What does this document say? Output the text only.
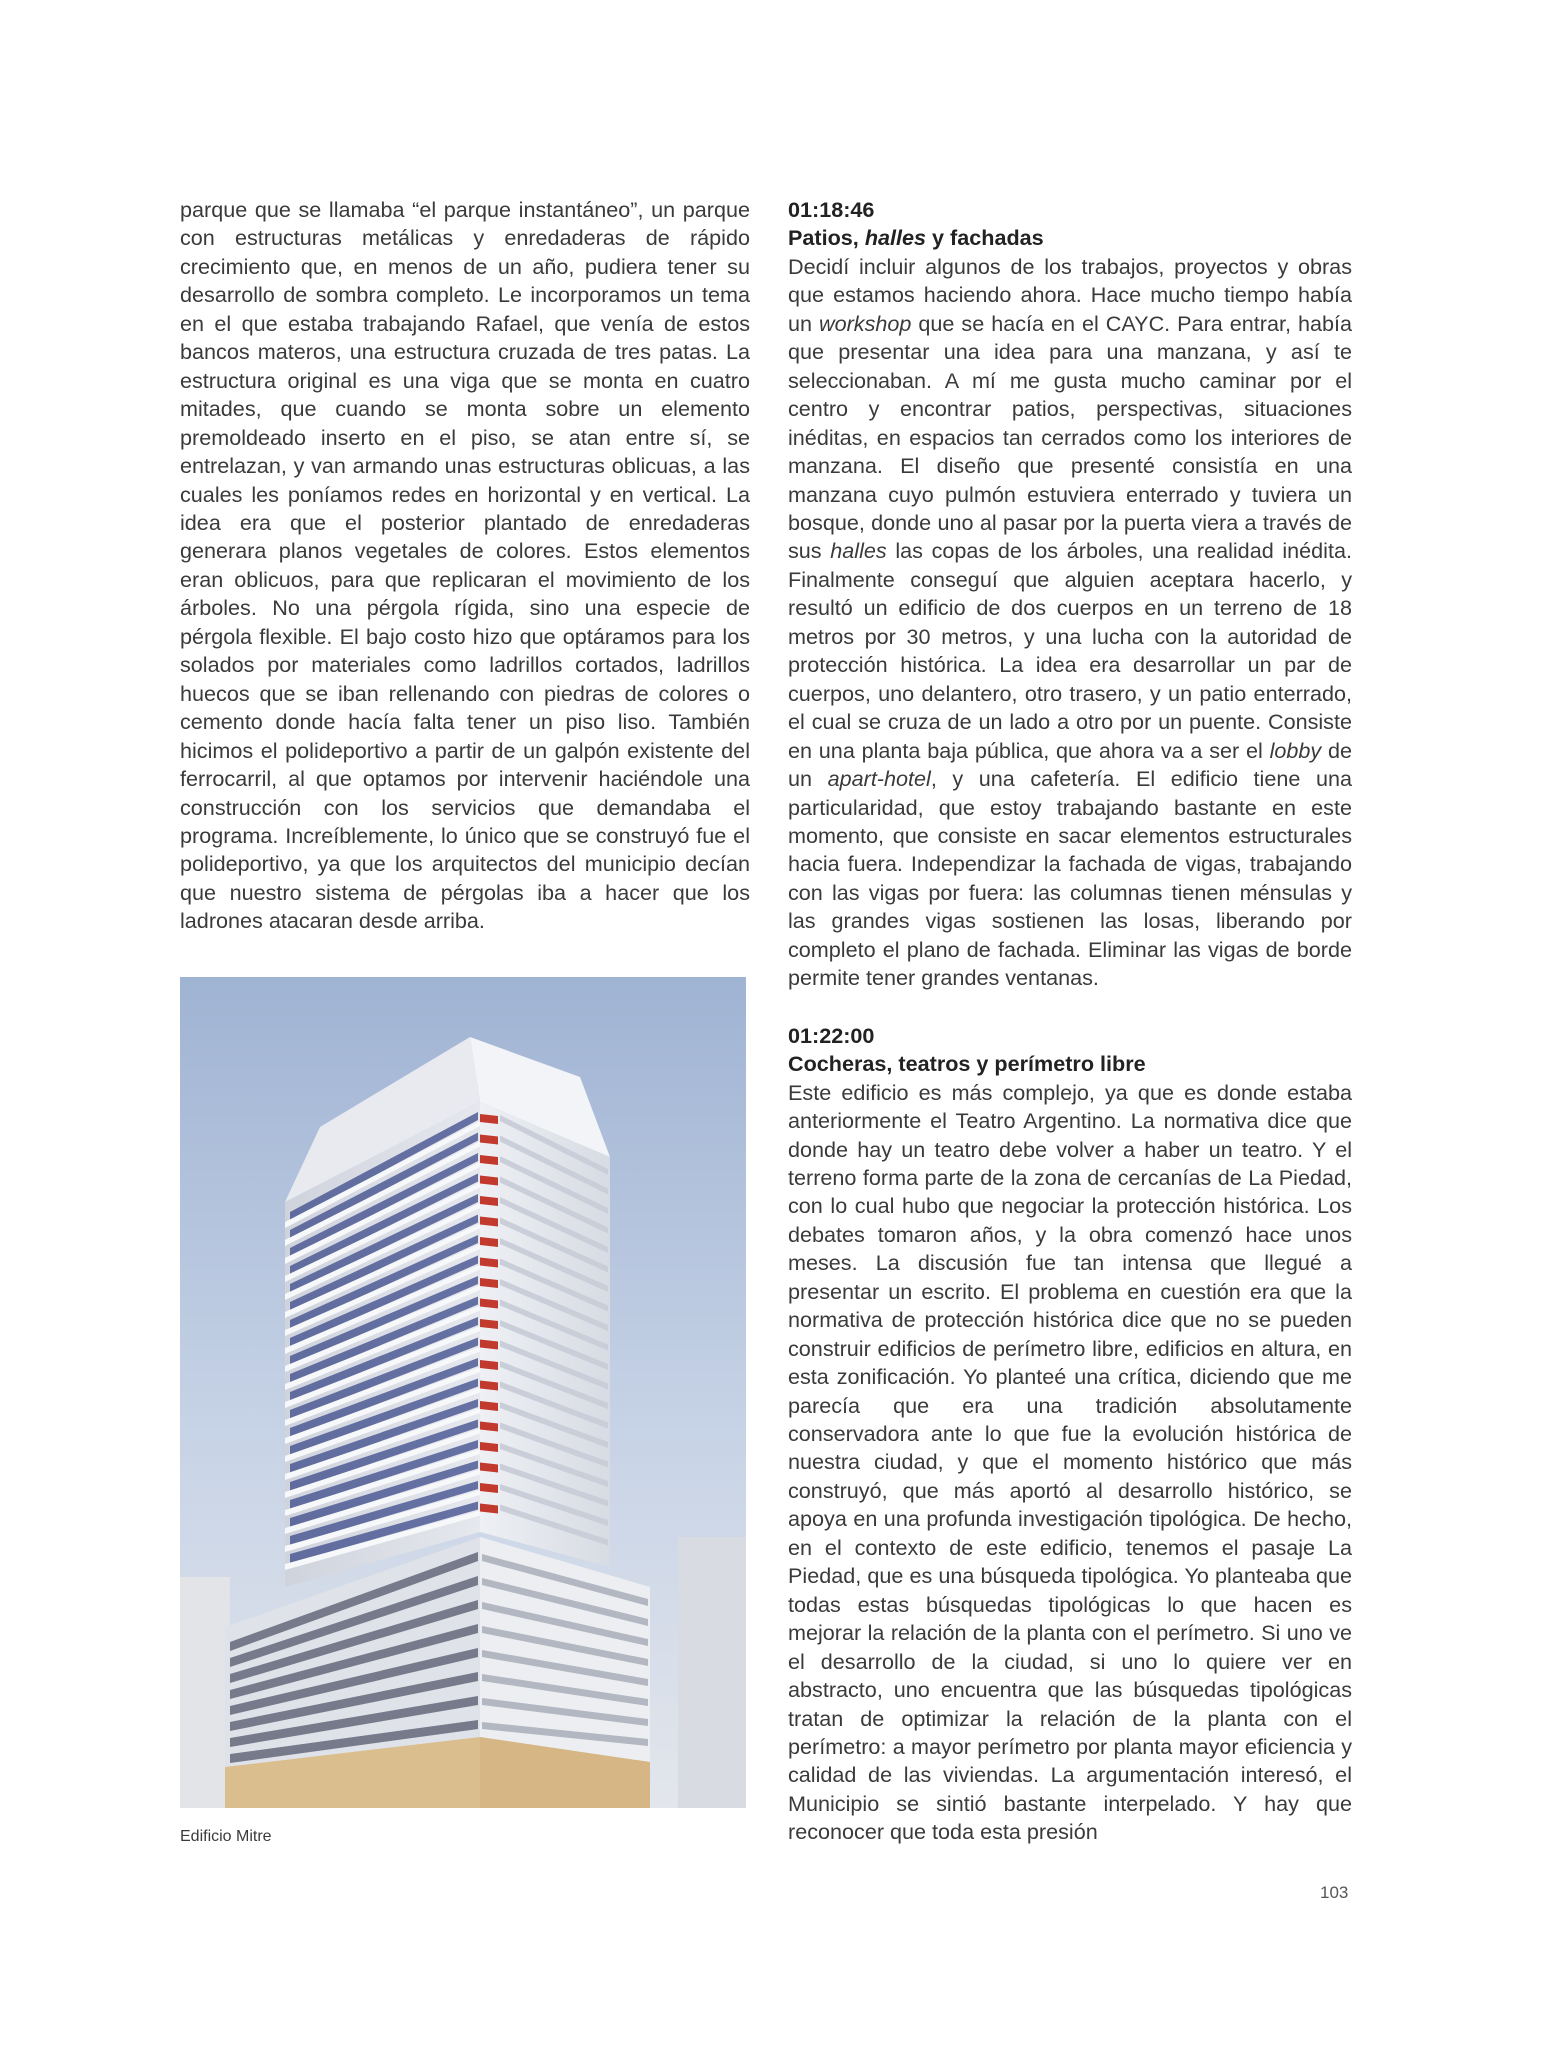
parque que se llamaba “el parque instantáneo”, un parque con estructuras metálicas y enredaderas de rápido crecimiento que, en menos de un año, pudiera tener su desarrollo de sombra completo. Le incorporamos un tema en el que estaba trabajando Rafael, que venía de estos bancos materos, una estructura cruzada de tres patas. La estructura original es una viga que se monta en cuatro mitades, que cuando se monta sobre un elemento premoldeado inserto en el piso, se atan entre sí, se entrelazan, y van armando unas estructuras oblicuas, a las cuales les poníamos redes en horizontal y en vertical. La idea era que el posterior plantado de enredaderas generara planos vegetales de colores. Estos elementos eran oblicuos, para que replicaran el movimiento de los árboles. No una pérgola rígida, sino una especie de pérgola flexible. El bajo costo hizo que optáramos para los solados por materiales como ladrillos cortados, ladrillos huecos que se iban rellenando con piedras de colores o cemento donde hacía falta tener un piso liso. También hicimos el polideportivo a partir de un galpón existente del ferrocarril, al que optamos por intervenir haciéndole una construcción con los servicios que demandaba el programa. Increíblemente, lo único que se construyó fue el polideportivo, ya que los arquitectos del municipio decían que nuestro sistema de pérgolas iba a hacer que los ladrones atacaran desde arriba.

Edificio Mitre
01:18:46
Patios, halles y fachadas

Decidí incluir algunos de los trabajos, proyectos y obras que estamos haciendo ahora. Hace mucho tiempo había un workshop que se hacía en el CAYC. Para entrar, había que presentar una idea para una manzana, y así te seleccionaban. A mí me gusta mucho caminar por el centro y encontrar patios, perspectivas, situaciones inéditas, en espacios tan cerrados como los interiores de manzana. El diseño que presenté consistía en una manzana cuyo pulmón estuviera enterrado y tuviera un bosque, donde uno al pasar por la puerta viera a través de sus halles las copas de los árboles, una realidad inédita. Finalmente conseguí que alguien aceptara hacerlo, y resultó un edificio de dos cuerpos en un terreno de 18 metros por 30 metros, y una lucha con la autoridad de protección histórica. La idea era desarrollar un par de cuerpos, uno delantero, otro trasero, y un patio enterrado, el cual se cruza de un lado a otro por un puente. Consiste en una planta baja pública, que ahora va a ser el lobby de un apart-hotel, y una cafetería. El edificio tiene una particularidad, que estoy trabajando bastante en este momento, que consiste en sacar elementos estructurales hacia fuera. Independizar la fachada de vigas, trabajando con las vigas por fuera: las columnas tienen ménsulas y las grandes vigas sostienen las losas, liberando por completo el plano de fachada. Eliminar las vigas de borde permite tener grandes ventanas.

01:22:00
Cocheras, teatros y perímetro libre

Este edificio es más complejo, ya que es donde estaba anteriormente el Teatro Argentino. La normativa dice que donde hay un teatro debe volver a haber un teatro. Y el terreno forma parte de la zona de cercanías de La Piedad, con lo cual hubo que negociar la protección histórica. Los debates tomaron años, y la obra comenzó hace unos meses. La discusión fue tan intensa que llegué a presentar un escrito. El problema en cuestión era que la normativa de protección histórica dice que no se pueden construir edificios de perímetro libre, edificios en altura, en esta zonificación. Yo planteé una crítica, diciendo que me parecía que era una tradición absolutamente conservadora ante lo que fue la evolución histórica de nuestra ciudad, y que el momento histórico que más construyó, que más aportó al desarrollo histórico, se apoya en una profunda investigación tipológica. De hecho, en el contexto de este edificio, tenemos el pasaje La Piedad, que es una búsqueda tipológica. Yo planteaba que todas estas búsquedas tipológicas lo que hacen es mejorar la relación de la planta con el perímetro. Si uno ve el desarrollo de la ciudad, si uno lo quiere ver en abstracto, uno encuentra que las búsquedas tipológicas tratan de optimizar la relación de la planta con el perímetro: a mayor perímetro por planta mayor eficiencia y calidad de las viviendas. La argumentación interesó, el Municipio se sintió bastante interpelado. Y hay que reconocer que toda esta presión

103
